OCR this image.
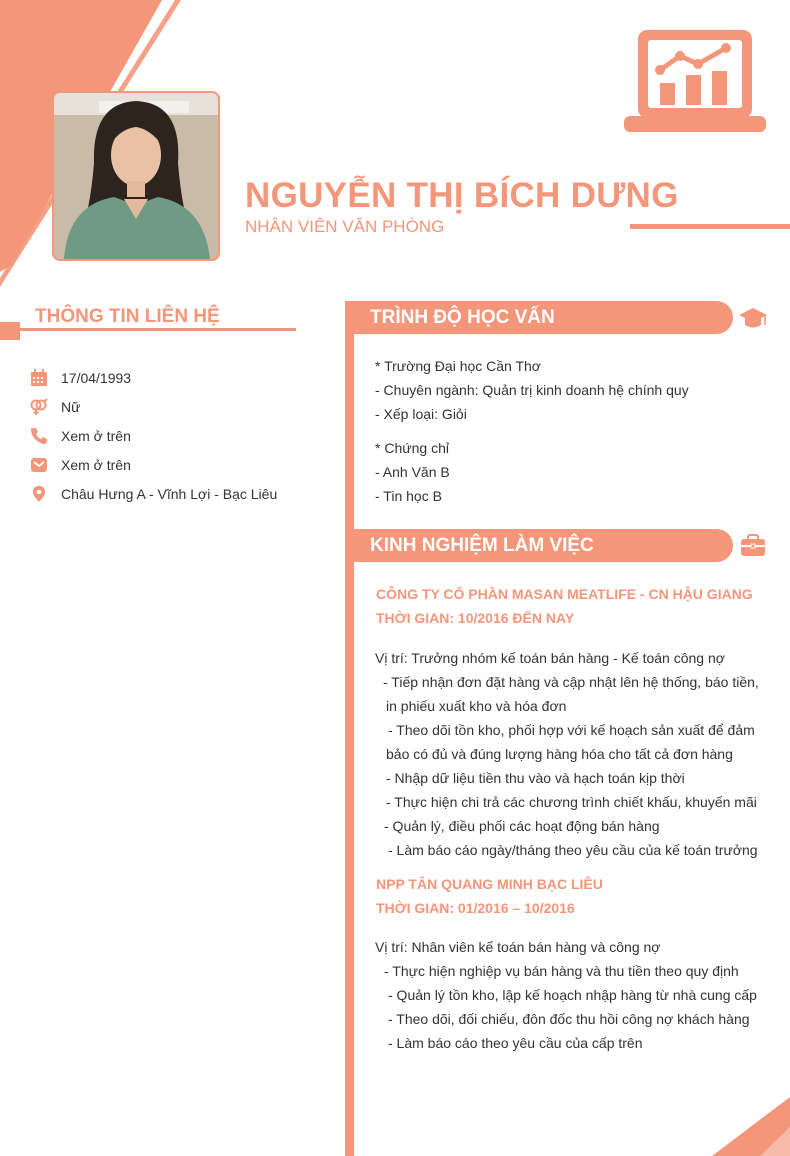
NGUYỄN THỊ BÍCH DƯNG
NHÂN VIÊN VĂN PHÒNG
THÔNG TIN LIÊN HỆ
17/04/1993
Nữ
Xem ở trên
Xem ở trên
Châu Hưng A - Vĩnh Lợi - Bạc Liêu
TRÌNH ĐỘ HỌC VẤN
* Trường Đại học Cần Thơ
- Chuyên ngành: Quản trị kinh doanh hệ chính quy
- Xếp loại: Giỏi
* Chứng chỉ
- Anh Văn B
- Tin học B
KINH NGHIỆM LÀM VIỆC
CÔNG TY CỔ PHẦN MASAN MEATLIFE - CN HẬU GIANG
THỜI GIAN: 10/2016 ĐẾN NAY
Vị trí: Trưởng nhóm kế toán bán hàng - Kế toán công nợ
- Tiếp nhận đơn đặt hàng và cập nhật lên hệ thống, báo tiền,
in phiếu xuất kho và hóa đơn
- Theo dõi tồn kho, phối hợp với kế hoạch sản xuất để đảm
bảo có đủ và đúng lượng hàng hóa cho tất cả đơn hàng
- Nhập dữ liệu tiền thu vào và hạch toán kịp thời
- Thực hiện chi trả các chương trình chiết khấu, khuyến mãi
- Quản lý, điều phối các hoạt động bán hàng
- Làm báo cáo ngày/tháng theo yêu cầu của kế toán trưởng
NPP TÂN QUANG MINH BẠC LIÊU
THỜI GIAN: 01/2016 – 10/2016
Vị trí: Nhân viên kế toán bán hàng và công nợ
- Thực hiện nghiệp vụ bán hàng và thu tiền theo quy định
- Quản lý tồn kho, lập kế hoạch nhập hàng từ nhà cung cấp
- Theo dõi, đối chiếu, đôn đốc thu hồi công nợ khách hàng
- Làm báo cáo theo yêu cầu của cấp trên
